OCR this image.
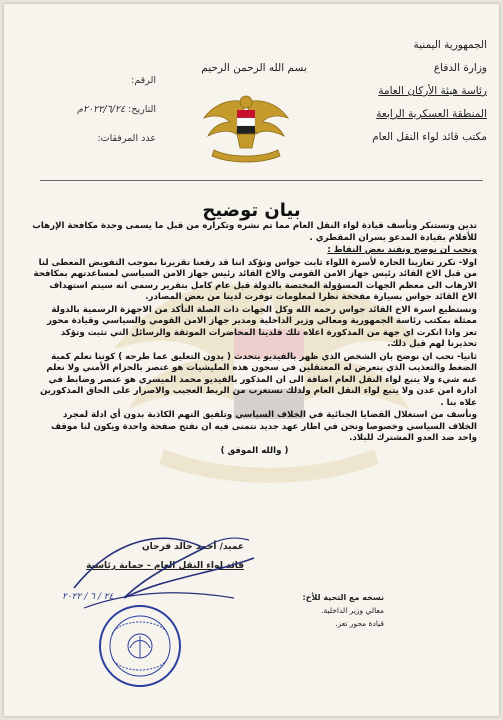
الجمهورية اليمنية
وزارة الدفاع
رئاسة هيئة الأركان العامة
المنطقة العسكرية الرابعة
مكتب قائد لواء النقل العام
بسم الله الرحمن الرحيم
الرقم:
التاريخ: ٢٠٢٢/٦/٢٤م
عدد المرفقات:
بيان توضيح

تدين وتستنكر وتأسف قيادة لواء النقل العام مما تم نشره وتكراره من قبل ما يسمى وحدة مكافحة الإرهاب للأفلام بقيادة المدعو يسران المقطري .

ونحب ان نوضح ونفند بعض النقاط :

اولا- نكرر تعازينا الحارة لأسرة اللواء ثابت جواس ونؤكد اننا قد رفعنا تقريرنا بموجب التفويض المعطى لنا من قبل الاخ القائد رئيس جهاز الامن القومي والاخ القائد رئيس جهاز الامن السياسي لمساعدتهم بمكافحة الارهاب الى معظم الجهات المسؤولة المختصة بالدولة قبل عام كامل بتقرير رسمي انه سيتم استهداف الاخ القائد جواس بسيارة مفخخة نظرا لمعلومات توفرت لدينا من بعض المصادر.

ونستطيع اسرة الاخ القائد جواس رحمه الله وكل الجهات ذات الصلة التأكد من الاجهزة الرسمية بالدولة ممثلة بمكتب رئاسة الجمهورية ومعالي وزير الداخلية ومدير جهاز الامن القومي والسياسي وقيادة محور تعز واذا انكرت اي جهة من المذكورة اعلاه تلك فلدينا المحاضرات الموثقة والرسائل التي تثبت وتؤكد تحذيرنا لهم قبل ذلك.

ثانيا- نحب ان نوضح بان الشخص الذي ظهر بالفيديو يتحدث ( بدون التعليق عما طرحه ) كوننا نعلم كمية الضغط والتعذيب الذي يتعرض له المعتقلين في سجون هذه المليشيات هو عنصر بالحزام الأمني ولا نعلم عنه شيء ولا يتبع لواء النقل العام اضافة الى ان المذكور بالفيديو محمد الميسري هو عنصر وضابط في ادارة امن عدن ولا يتبع لواء النقل العام ولذلك نستغرب من الربط العجيب والاصرار على الحاق المذكورين علاه بنا .

ونأسف من استغلال القضايا الجنائية في الخلاف السياسي وتلفيق التهم الكاذبة بدون أي ادلة لمجرد الخلاف السياسي وخصوصا ونحن في اطار عهد جديد نتمنى فيه ان نفتح صفحة واحدة ويكون لنا موقف واحد ضد العدو المشترك للبلاد.

( والله الموفق )

عميد/ أحمد خالد فرحان
قائد لواء النقل العام - حماية رئاسية
٢٤ / ٦ / ٢٠٢٢	نسخه مع التحية للأخ:
معالي وزير الداخلية.
قيادة محور تعز.
